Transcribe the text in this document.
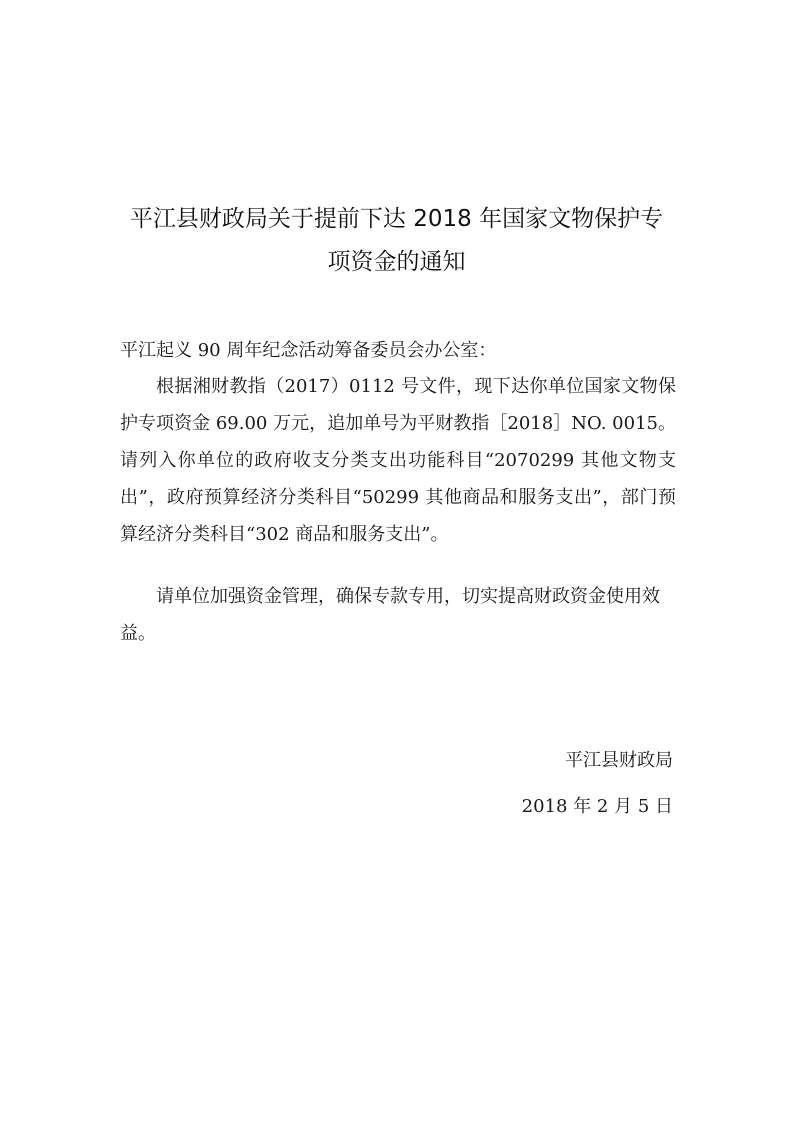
平江县财政局关于提前下达 2018 年国家文物保护专
项资金的通知

平江起义 90 周年纪念活动筹备委员会办公室：

根据湘财教指（2017）0112 号文件，现下达你单位国家文物保护专项资金 69.00 万元，追加单号为平财教指［2018］NO. 0015。请列入你单位的政府收支分类支出功能科目“2070299 其他文物支出”，政府预算经济分类科目“50299 其他商品和服务支出”，部门预算经济分类科目“302 商品和服务支出”。

请单位加强资金管理，确保专款专用，切实提高财政资金使用效益。

平江县财政局
2018 年 2 月 5 日
